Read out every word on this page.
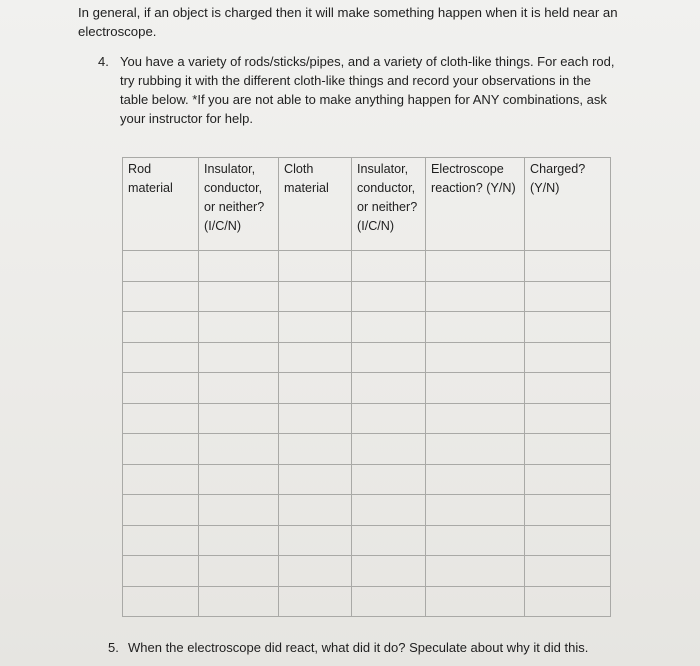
In general, if an object is charged then it will make something happen when it is held near an electroscope.
4. You have a variety of rods/sticks/pipes, and a variety of cloth-like things. For each rod, try rubbing it with the different cloth-like things and record your observations in the table below. *If you are not able to make anything happen for ANY combinations, ask your instructor for help.
Rod material	Insulator, conductor, or neither? (I/C/N)	Cloth material	Insulator, conductor, or neither? (I/C/N)	Electroscope reaction? (Y/N)	Charged? (Y/N)

5. When the electroscope did react, what did it do? Speculate about why it did this.
